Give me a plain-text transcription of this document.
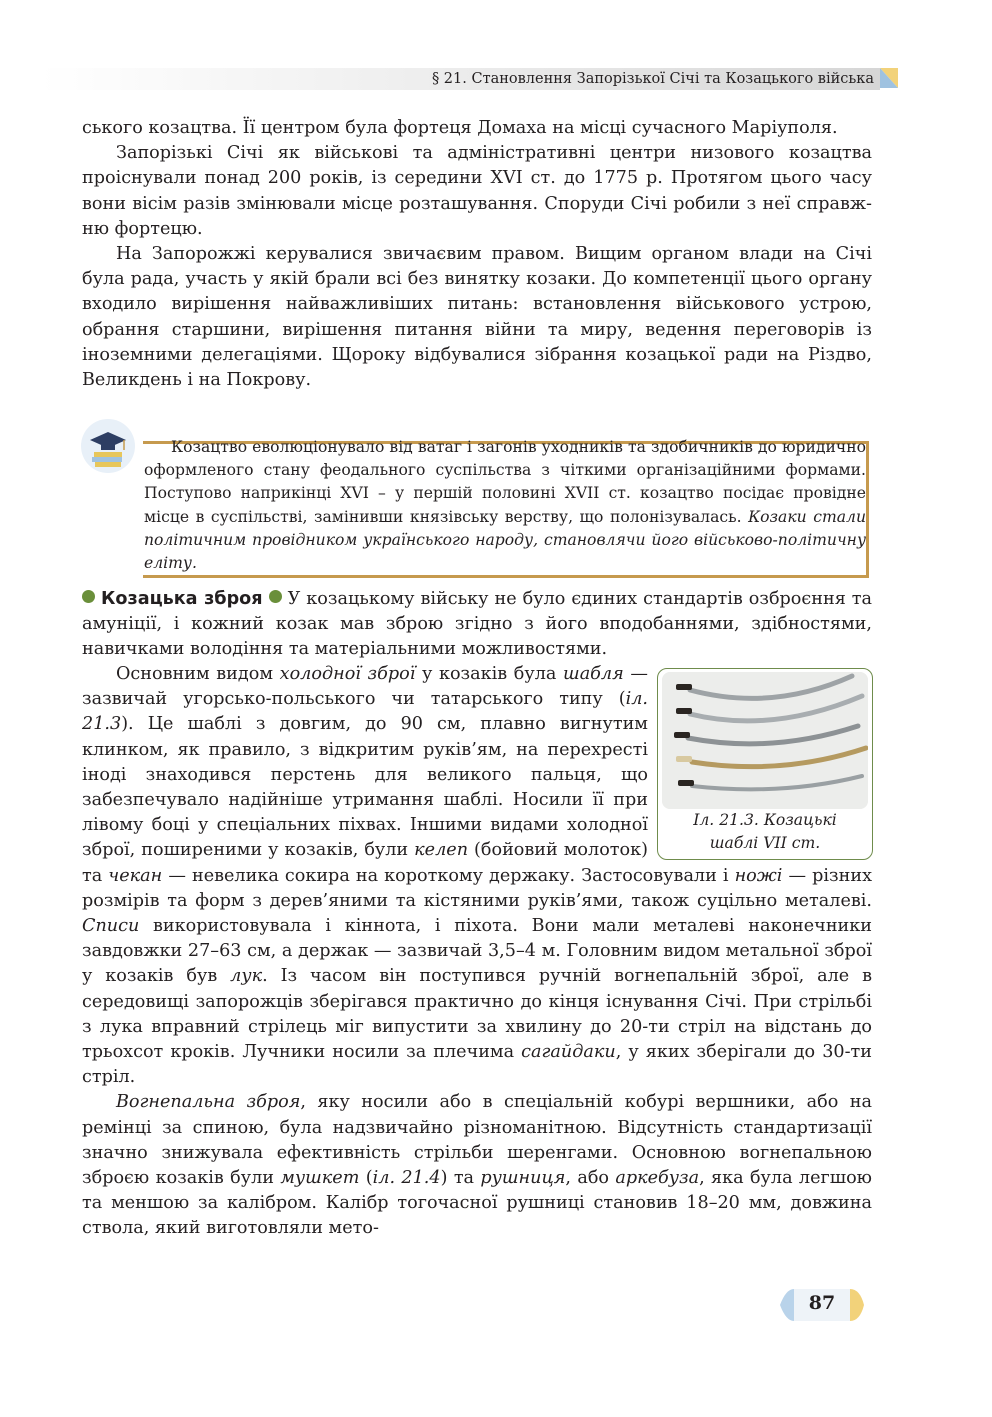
§ 21. Становлення Запорізької Січі та Козацького війська

ського козацтва. Її центром була фортеця Домаха на місці сучасного Маріуполя.

Запорізькі Січі як військові та адміністративні центри низового козацтва проіснували понад 200 років, із середини XVI ст. до 1775 р. Протягом цього часу вони вісім разів змінювали місце розташування. Споруди Січі робили з неї справж-ню фортецю.

На Запорожжі керувалися звичаєвим правом. Вищим органом влади на Січі була рада, участь у якій брали всі без винятку козаки. До компетенції цього органу входило вирішення найважливіших питань: встановлення військового устрою, обрання старшини, вирішення питання війни та миру, ведення переговорів із іноземними делегаціями. Щороку відбувалися зібрання козацької ради на Різдво, Великдень і на Покрову.

Козацтво еволюціонувало від ватаг і загонів уходників та здобичників до юридично оформленого стану феодального суспільства з чіткими організаційними формами. Поступово наприкінці XVI – у першій половині XVII ст. козацтво посідає провідне місце в суспільстві, замінивши князівську верству, що полонізувалась. Козаки стали політичним провідником українського народу, становлячи його військово-політичну еліту.

Козацька зброя У козацькому війську не було єдиних стандартів озброєння та амуніції, і кожний козак мав зброю згідно з його вподобаннями, здібностями, навичками володіння та матеріальними можливостями.

Іл. 21.3. Козацькі
шаблі VII ст.

Основним видом холодної зброї у козаків була шабля — зазвичай угорсько-польського чи татарського типу (іл. 21.3). Це шаблі з довгим, до 90 см, плавно вигнутим клинком, як правило, з відкритим руків’ям, на перехресті іноді знаходився перстень для великого пальця, що забезпечувало надійніше утримання шаблі. Носили її при лівому боці у спеціальних піхвах. Іншими видами холодної зброї, поширеними у козаків, були келеп (бойовий молоток) та чекан — невелика сокира на короткому держаку. Застосовували і ножі — різних розмірів та форм з дерев’яними та кістяними руків’ями, також суцільно металеві. Списи використовувала і кіннота, і піхота. Вони мали металеві наконечники завдовжки 27–63 см, а держак — зазвичай 3,5–4 м. Головним видом метальної зброї у козаків був лук. Із часом він поступився ручній вогнепальній зброї, але в середовищі запорожців зберігався практично до кінця існування Січі. При стрільбі з лука вправний стрілець міг випустити за хвилину до 20-ти стріл на відстань до трьохсот кроків. Лучники носили за плечима сагайдаки, у яких зберігали до 30-ти стріл.

Вогнепальна зброя, яку носили або в спеціальній кобурі вершники, або на ремінці за спиною, була надзвичайно різноманітною. Відсутність стандартизації значно знижувала ефективність стрільби шеренгами. Основною вогнепальною зброєю козаків були мушкет (іл. 21.4) та рушниця, або аркебуза, яка була легшою та меншою за калібром. Калібр тогочасної рушниці становив 18–20 мм, довжина ствола, який виготовляли мето-

87
